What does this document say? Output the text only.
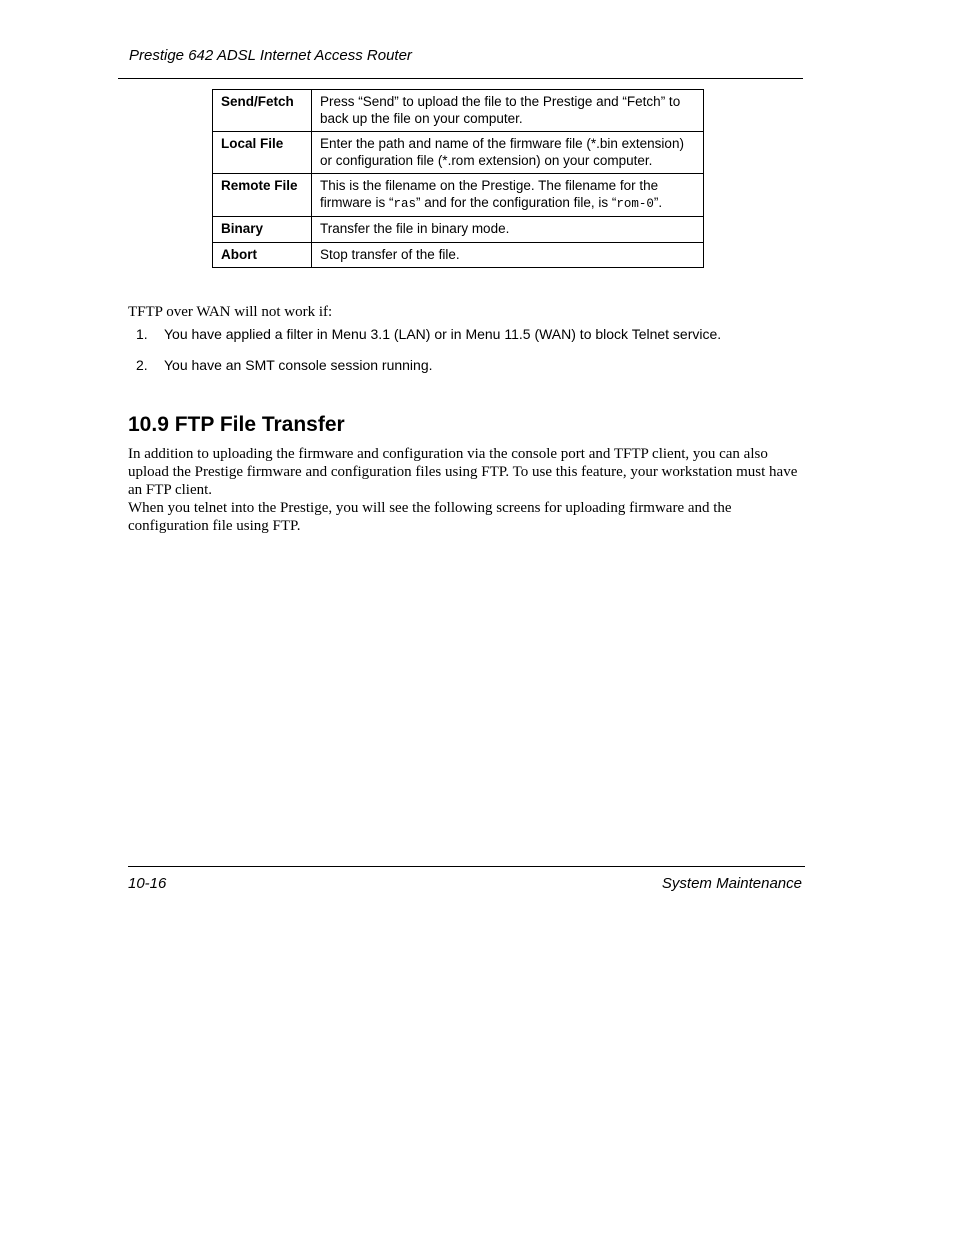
Prestige 642 ADSL Internet Access Router
Send/Fetch	Press “Send” to upload the file to the Prestige and “Fetch” to back up the file on your computer.
Local File	Enter the path and name of the firmware file (*.bin extension) or configuration file (*.rom extension) on your computer.
Remote File	This is the filename on the Prestige. The filename for the firmware is “ras” and for the configuration file, is “rom-0”.
Binary	Transfer the file in binary mode.
Abort	Stop transfer of the file.
TFTP over WAN will not work if:
1. You have applied a filter in Menu 3.1 (LAN) or in Menu 11.5 (WAN) to block Telnet service.
2. You have an SMT console session running.
10.9 FTP File Transfer

In addition to uploading the firmware and configuration via the console port and TFTP client, you can also upload the Prestige firmware and configuration files using FTP. To use this feature, your workstation must have an FTP client.

When you telnet into the Prestige, you will see the following screens for uploading firmware and the configuration file using FTP.

10-16	System Maintenance
